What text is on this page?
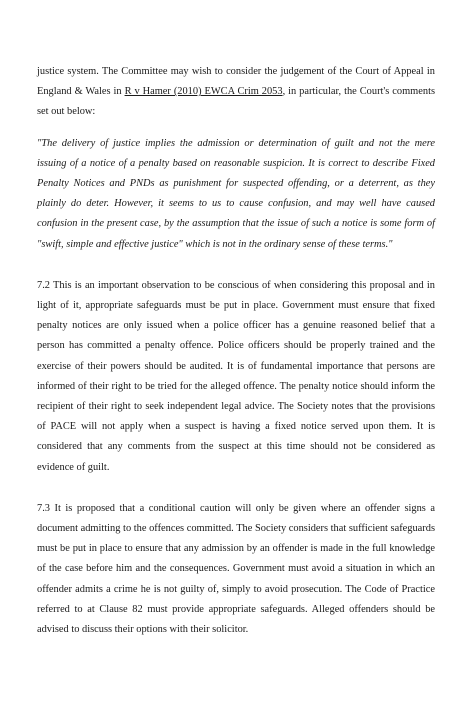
justice system. The Committee may wish to consider the judgement of the Court of Appeal in England & Wales in R v Hamer (2010) EWCA Crim 2053, in particular, the Court's comments set out below:

"The delivery of justice implies the admission or determination of guilt and not the mere issuing of a notice of a penalty based on reasonable suspicion. It is correct to describe Fixed Penalty Notices and PNDs as punishment for suspected offending, or a deterrent, as they plainly do deter. However, it seems to us to cause confusion, and may well have caused confusion in the present case, by the assumption that the issue of such a notice is some form of "swift, simple and effective justice" which is not in the ordinary sense of these terms."

7.2 This is an important observation to be conscious of when considering this proposal and in light of it, appropriate safeguards must be put in place. Government must ensure that fixed penalty notices are only issued when a police officer has a genuine reasoned belief that a person has committed a penalty offence. Police officers should be properly trained and the exercise of their powers should be audited. It is of fundamental importance that persons are informed of their right to be tried for the alleged offence. The penalty notice should inform the recipient of their right to seek independent legal advice. The Society notes that the provisions of PACE will not apply when a suspect is having a fixed notice served upon them. It is considered that any comments from the suspect at this time should not be considered as evidence of guilt.

7.3 It is proposed that a conditional caution will only be given where an offender signs a document admitting to the offences committed. The Society considers that sufficient safeguards must be put in place to ensure that any admission by an offender is made in the full knowledge of the case before him and the consequences. Government must avoid a situation in which an offender admits a crime he is not guilty of, simply to avoid prosecution. The Code of Practice referred to at Clause 82 must provide appropriate safeguards. Alleged offenders should be advised to discuss their options with their solicitor.
